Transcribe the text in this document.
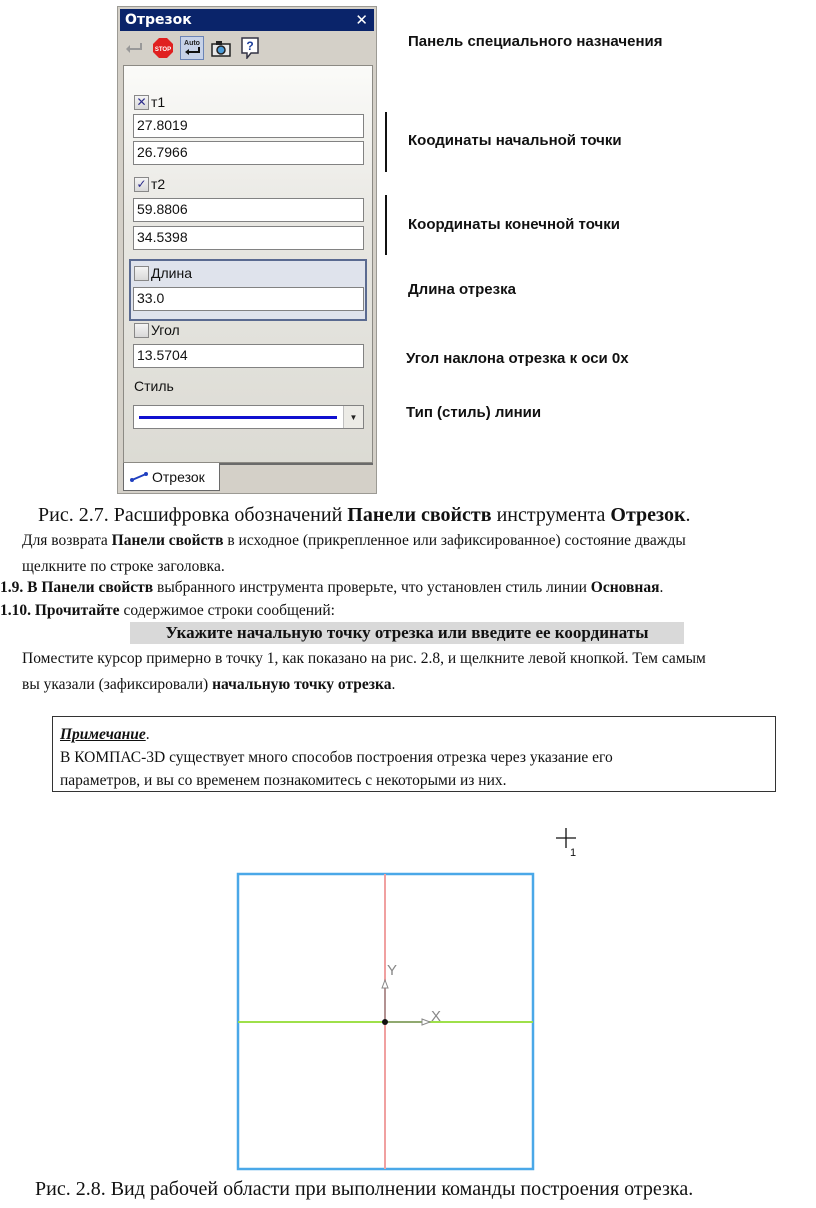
Отрезок	✕
STOP
Auto	?
✕ т1
27.8019
26.7966
✓ т2
59.8806
34.5398
Длина
33.0
Угол
13.5704
Стиль
▼
Отрезок
Панель специального назначения
Коодинаты начальной точки
Координаты конечной точки
Длина отрезка
Угол наклона отрезка к оси 0х
Тип (стиль) линии
Рис. 2.7. Расшифровка обозначений Панели свойств инструмента Отрезок.
Для возврата Панели свойств в исходное (прикрепленное или зафиксированное) состояние дважды
щелкните по строке заголовка.
1.9. В Панели свойств выбранного инструмента проверьте, что установлен стиль линии Основная.
1.10. Прочитайте содержимое строки сообщений:
Укажите начальную точку отрезка или введите ее координаты
Поместите курсор примерно в точку 1, как показано на рис. 2.8, и щелкните левой кнопкой. Тем самым
вы указали (зафиксировали) начальную точку отрезка.
Примечание.
В КОМПАС-3D существует много способов построения отрезка через указание его
параметров, и вы со временем познакомитесь с некоторыми из них.
1
Y
X
Рис. 2.8. Вид рабочей области при выполнении команды построения отрезка.
